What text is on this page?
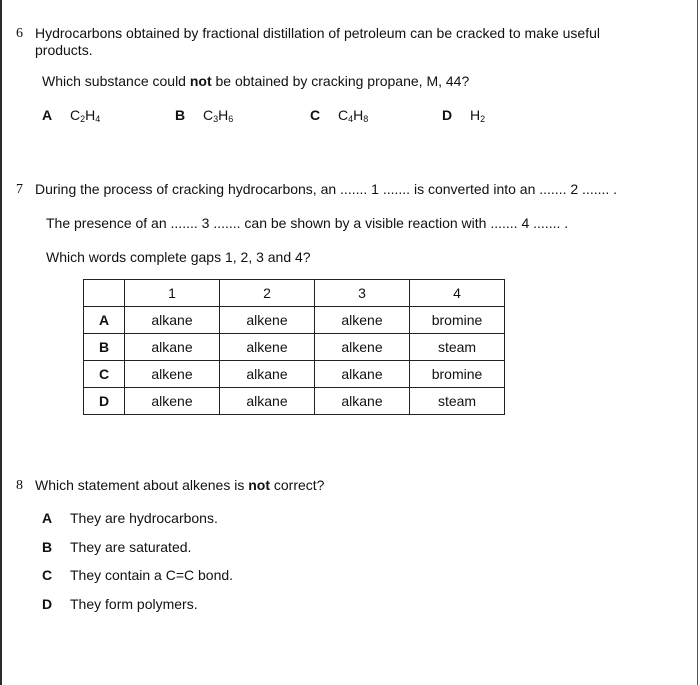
6 Hydrocarbons obtained by fractional distillation of petroleum can be cracked to make useful
products.
Which substance could not be obtained by cracking propane, M, 44?
A $C_2H_4$	B $C_3H_6$	C $C_4H_8$	D $H_2$
7 During the process of cracking hydrocarbons, an ....... 1 ....... is converted into an ....... 2 ....... .
The presence of an ....... 3 ....... can be shown by a visible reaction with ....... 4 ....... .
Which words complete gaps 1, 2, 3 and 4?
	1	2	3	4
A	alkane	alkene	alkene	bromine
B	alkane	alkene	alkene	steam
C	alkene	alkane	alkane	bromine
D	alkene	alkane	alkane	steam
8 Which statement about alkenes is not correct?
A They are hydrocarbons.
B They are saturated.
C They contain a C=C bond.
D They form polymers.
